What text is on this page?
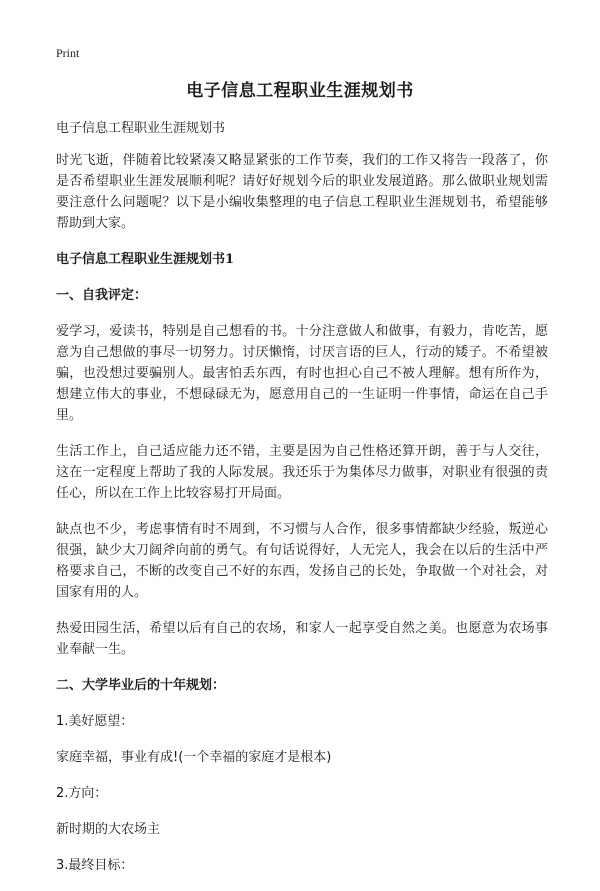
Print
电子信息工程职业生涯规划书

电子信息工程职业生涯规划书

时光飞逝，伴随着比较紧凑又略显紧张的工作节奏，我们的工作又将告一段落了，你是否希望职业生涯发展顺利呢？请好好规划今后的职业发展道路。那么做职业规划需要注意什么问题呢？以下是小编收集整理的电子信息工程职业生涯规划书，希望能够帮助到大家。

电子信息工程职业生涯规划书1

一、自我评定：

爱学习，爱读书，特别是自己想看的书。十分注意做人和做事，有毅力，肯吃苦，愿意为自己想做的事尽一切努力。讨厌懒惰，讨厌言语的巨人，行动的矮子。不希望被骗，也没想过要骗别人。最害怕丢东西，有时也担心自己不被人理解。想有所作为，想建立伟大的事业，不想碌碌无为，愿意用自己的一生证明一件事情，命运在自己手里。

生活工作上，自己适应能力还不错，主要是因为自己性格还算开朗，善于与人交往，这在一定程度上帮助了我的人际发展。我还乐于为集体尽力做事，对职业有很强的责任心，所以在工作上比较容易打开局面。

缺点也不少，考虑事情有时不周到，不习惯与人合作，很多事情都缺少经验，叛逆心很强，缺少大刀阔斧向前的勇气。有句话说得好，人无完人，我会在以后的生活中严格要求自己，不断的改变自己不好的东西，发扬自己的长处，争取做一个对社会，对国家有用的人。

热爱田园生活，希望以后有自己的农场，和家人一起享受自然之美。也愿意为农场事业奉献一生。

二、大学毕业后的十年规划：

1.美好愿望：

家庭幸福，事业有成!(一个幸福的家庭才是根本)

2.方向：

新时期的大农场主

3.最终目标：
